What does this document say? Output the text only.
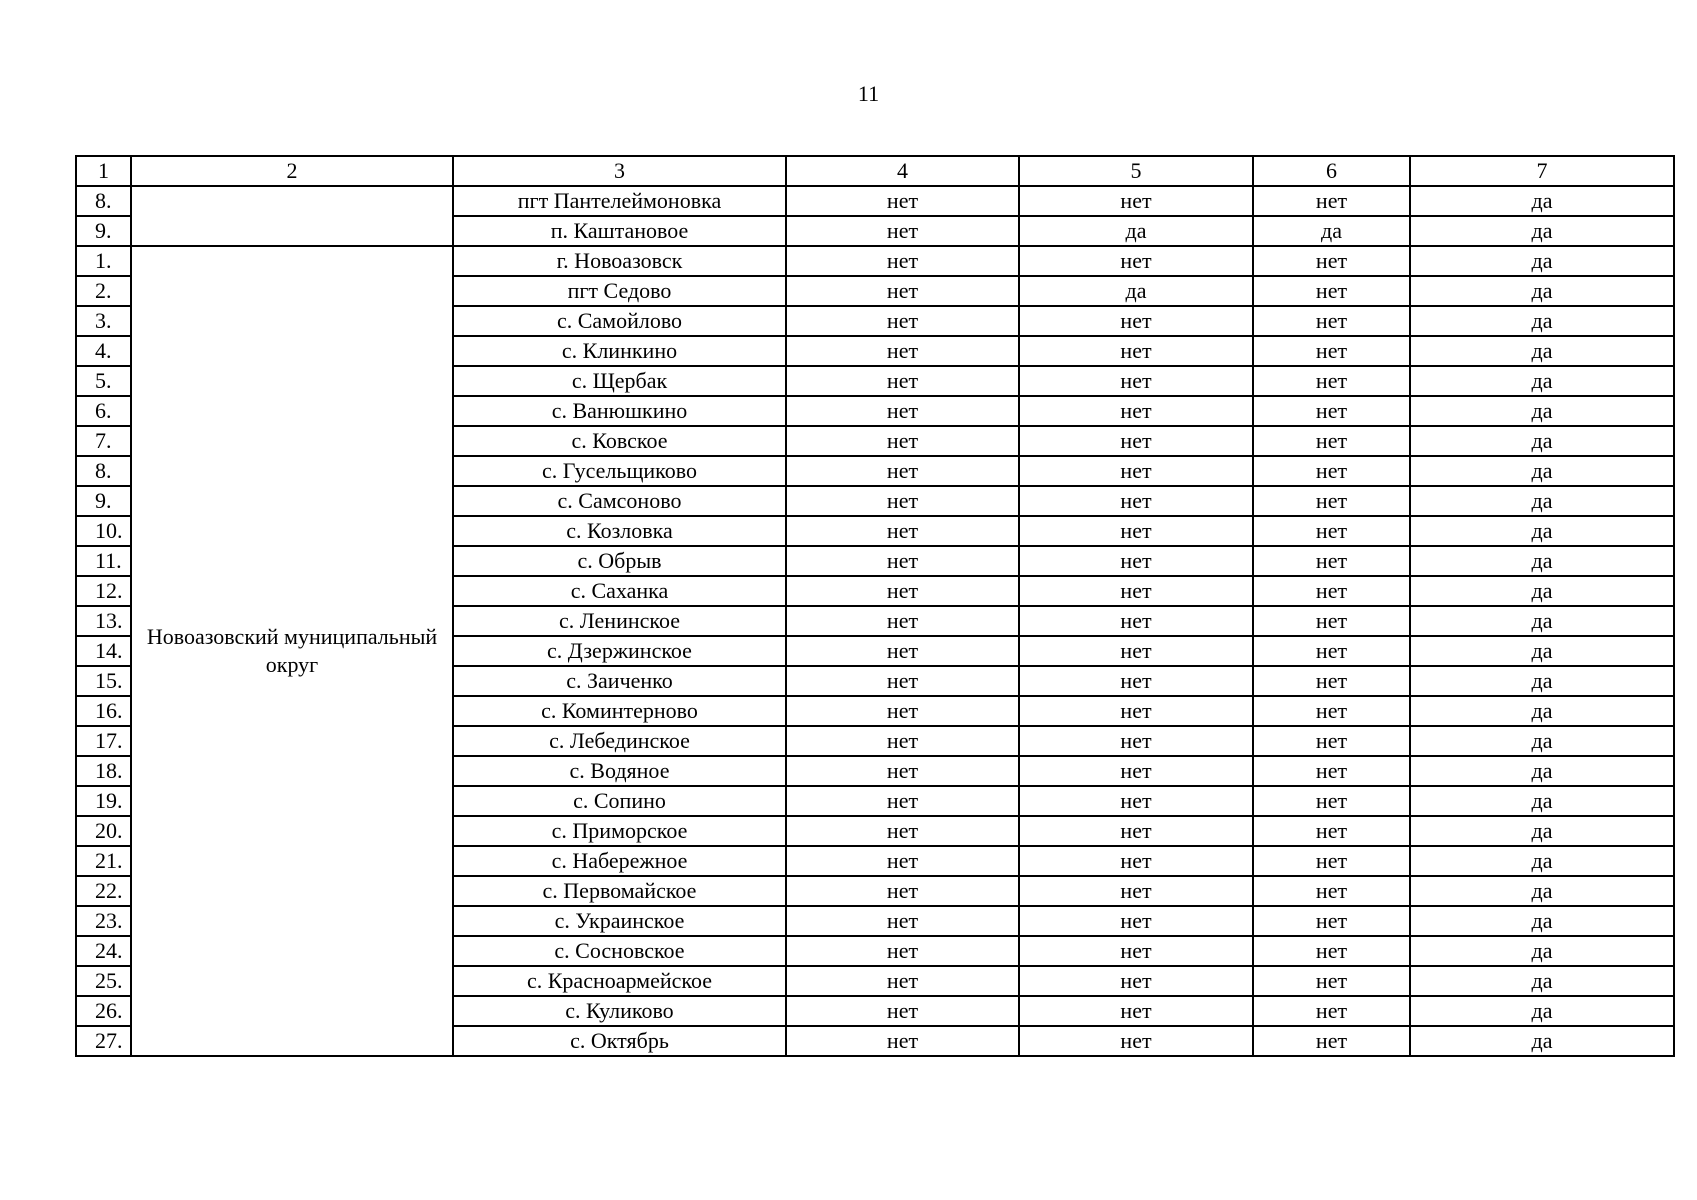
11
1	2	3	4	5	6	7
8.		пгт Пантелеймоновка	нет	нет	нет	да
9.		п. Каштановое	нет	да	да	да
1.	Новоазовский муниципальный округ	г. Новоазовск	нет	нет	нет	да
2.		пгт Седово	нет	да	нет	да
3.		с. Самойлово	нет	нет	нет	да
4.		с. Клинкино	нет	нет	нет	да
5.		с. Щербак	нет	нет	нет	да
6.		с. Ванюшкино	нет	нет	нет	да
7.		с. Ковское	нет	нет	нет	да
8.		с. Гусельщиково	нет	нет	нет	да
9.		с. Самсоново	нет	нет	нет	да
10.		с. Козловка	нет	нет	нет	да
11.		с. Обрыв	нет	нет	нет	да
12.		с. Саханка	нет	нет	нет	да
13.		с. Ленинское	нет	нет	нет	да
14.		с. Дзержинское	нет	нет	нет	да
15.		с. Заиченко	нет	нет	нет	да
16.		с. Коминтерново	нет	нет	нет	да
17.		с. Лебединское	нет	нет	нет	да
18.		с. Водяное	нет	нет	нет	да
19.		с. Сопино	нет	нет	нет	да
20.		с. Приморское	нет	нет	нет	да
21.		с. Набережное	нет	нет	нет	да
22.		с. Первомайское	нет	нет	нет	да
23.		с. Украинское	нет	нет	нет	да
24.		с. Сосновское	нет	нет	нет	да
25.		с. Красноармейское	нет	нет	нет	да
26.		с. Куликово	нет	нет	нет	да
27.		с. Октябрь	нет	нет	нет	да
